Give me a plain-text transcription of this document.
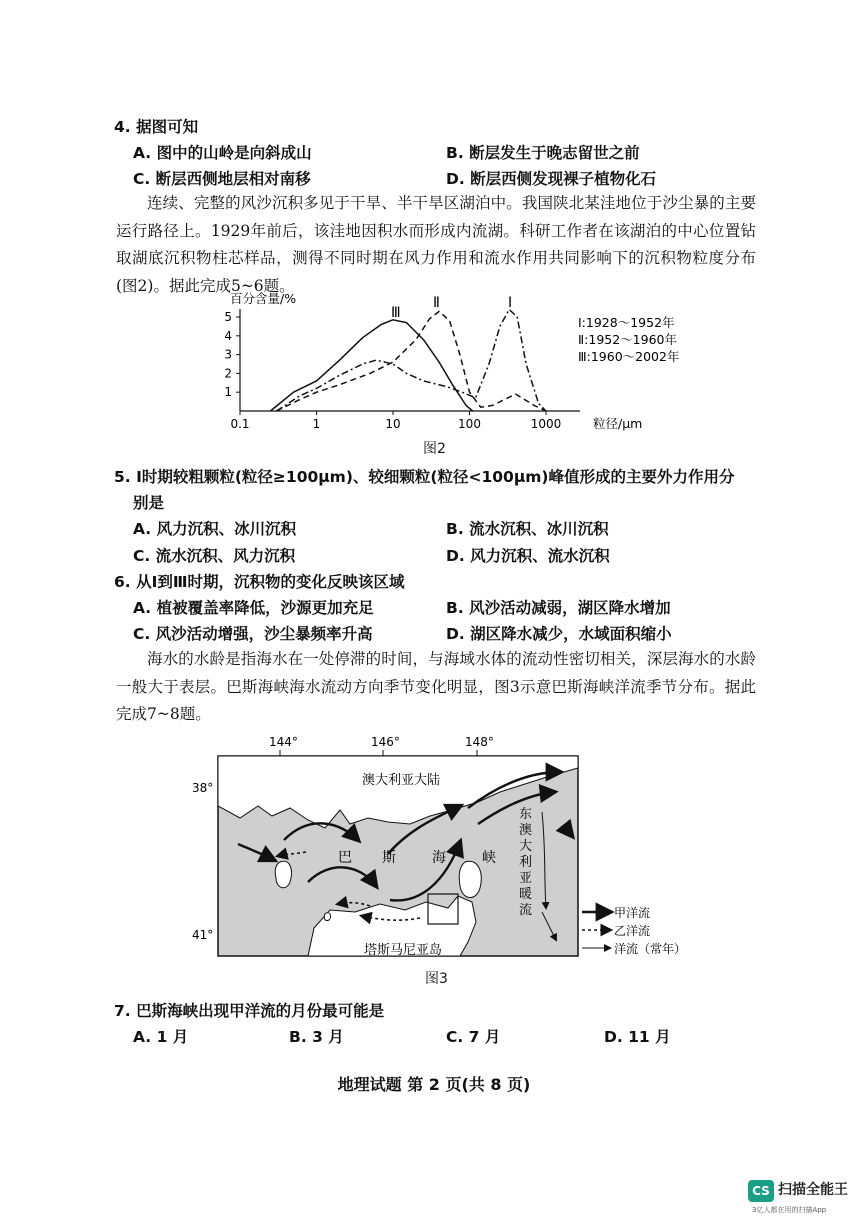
4. 据图可知
A. 图中的山岭是向斜成山	B. 断层发生于晚志留世之前
C. 断层西侧地层相对南移	D. 断层西侧发现裸子植物化石

连续、完整的风沙沉积多见于干旱、半干旱区湖泊中。我国陕北某洼地位于沙尘暴的主要运行路径上。1929年前后，该洼地因积水而形成内流湖。科研工作者在该湖泊的中心位置钻取湖底沉积物柱芯样品，测得不同时期在风力作用和流水作用共同影响下的沉积物粒度分布(图2)。据此完成5~6题。

百分含量/%
0.1	1	10	100	1000
1
2
3
4
5	Ⅲ
Ⅱ	Ⅰ
Ⅰ:1928～1952年
Ⅱ:1952～1960年
Ⅲ:1960～2002年
粒径/μm
图2
5. Ⅰ时期较粗颗粒(粒径≥100μm)、较细颗粒(粒径<100μm)峰值形成的主要外力作用分
别是
A. 风力沉积、冰川沉积	B. 流水沉积、冰川沉积
C. 流水沉积、风力沉积	D. 风力沉积、流水沉积
6. 从Ⅰ到Ⅲ时期，沉积物的变化反映该区域
A. 植被覆盖率降低，沙源更加充足	B. 风沙活动减弱，湖区降水增加
C. 风沙活动增强，沙尘暴频率升高	D. 湖区降水减少，水域面积缩小

海水的水龄是指海水在一处停滞的时间，与海域水体的流动性密切相关，深层海水的水龄一般大于表层。巴斯海峡海水流动方向季节变化明显，图3示意巴斯海峡洋流季节分布。据此完成7~8题。

144°	146°	148°
38°
41°
澳大利亚大陆
巴 斯	海	峡
东
澳
大
利
亚
暖
流
塔斯马尼亚岛
甲洋流
乙洋流
洋流（常年）
图3
7. 巴斯海峡出现甲洋流的月份最可能是
A. 1 月	B. 3 月	C. 7 月	D. 11 月
地理试题 第 2 页(共 8 页)
CS 扫描全能王
3亿人都在用的扫描App
